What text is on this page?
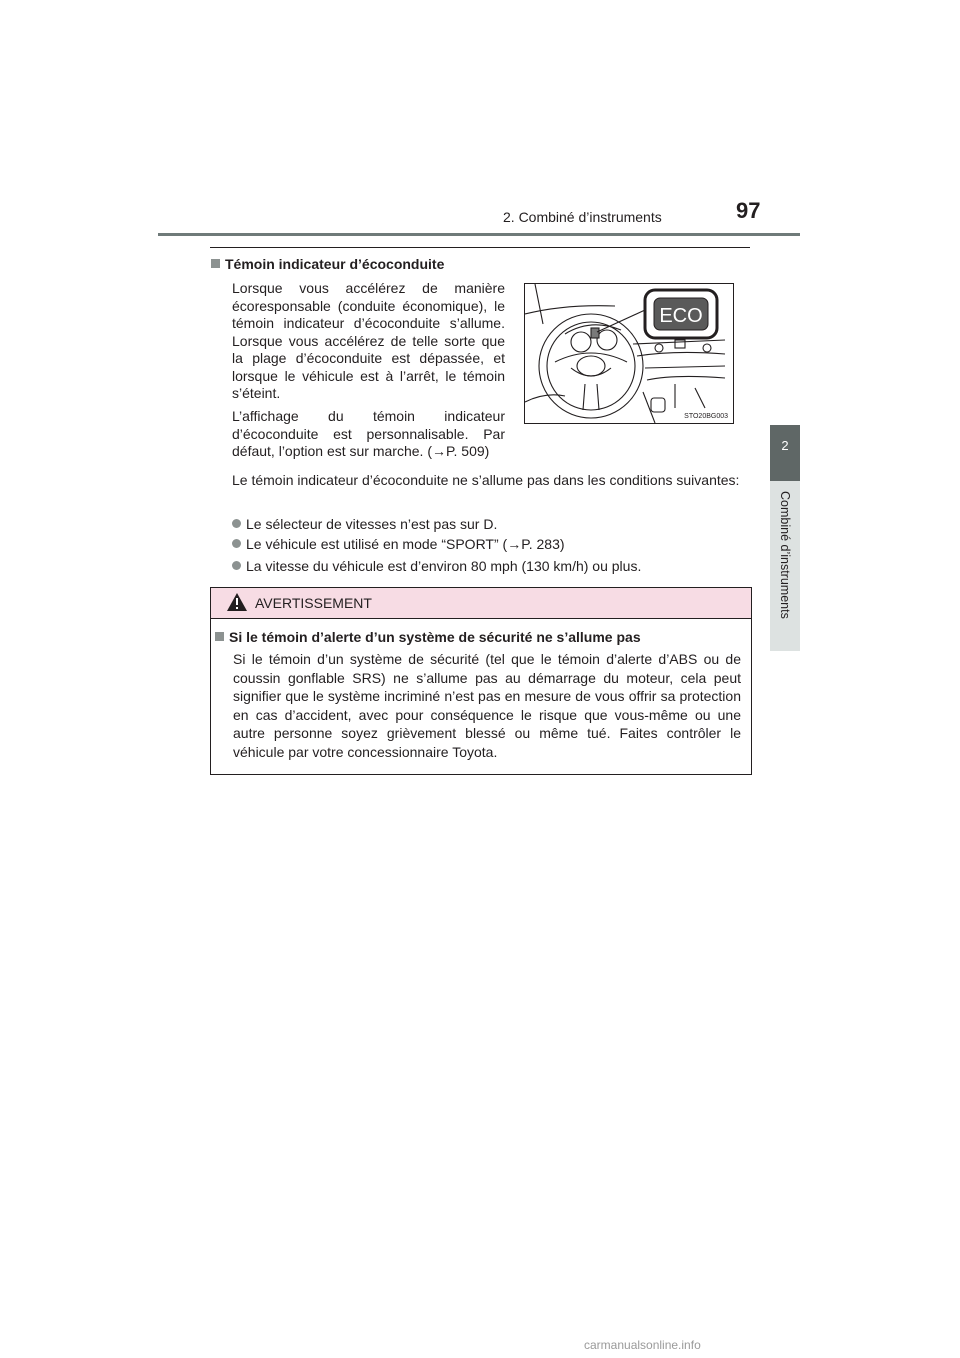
2. Combiné d’instruments	97
2
Combiné d’instruments
Témoin indicateur d’écoconduite
Lorsque vous accélérez de manière écoresponsable (conduite économique), le témoin indicateur d’écoconduite s’allume. Lorsque vous accélérez de telle sorte que la plage d’écoconduite est dépassée, et lorsque le véhicule est à l’arrêt, le témoin s’éteint.
L’affichage du témoin indicateur d’écoconduite est personnalisable. Par défaut, l’option est sur marche. (→P. 509)
Le témoin indicateur d’écoconduite ne s’allume pas dans les conditions suivantes:
Le sélecteur de vitesses n’est pas sur D.
Le véhicule est utilisé en mode “SPORT” (→P. 283)
La vitesse du véhicule est d’environ 80 mph (130 km/h) ou plus.
ECO
STO20BG003
AVERTISSEMENT
Si le témoin d’alerte d’un système de sécurité ne s’allume pas
Si le témoin d’un système de sécurité (tel que le témoin d’alerte d’ABS ou de coussin gonflable SRS) ne s’allume pas au démarrage du moteur, cela peut signifier que le système incriminé n’est pas en mesure de vous offrir sa protection en cas d’accident, avec pour conséquence le risque que vous-même ou une autre personne soyez grièvement blessé ou même tué. Faites contrôler le véhicule par votre concessionnaire Toyota.
carmanualsonline.info
